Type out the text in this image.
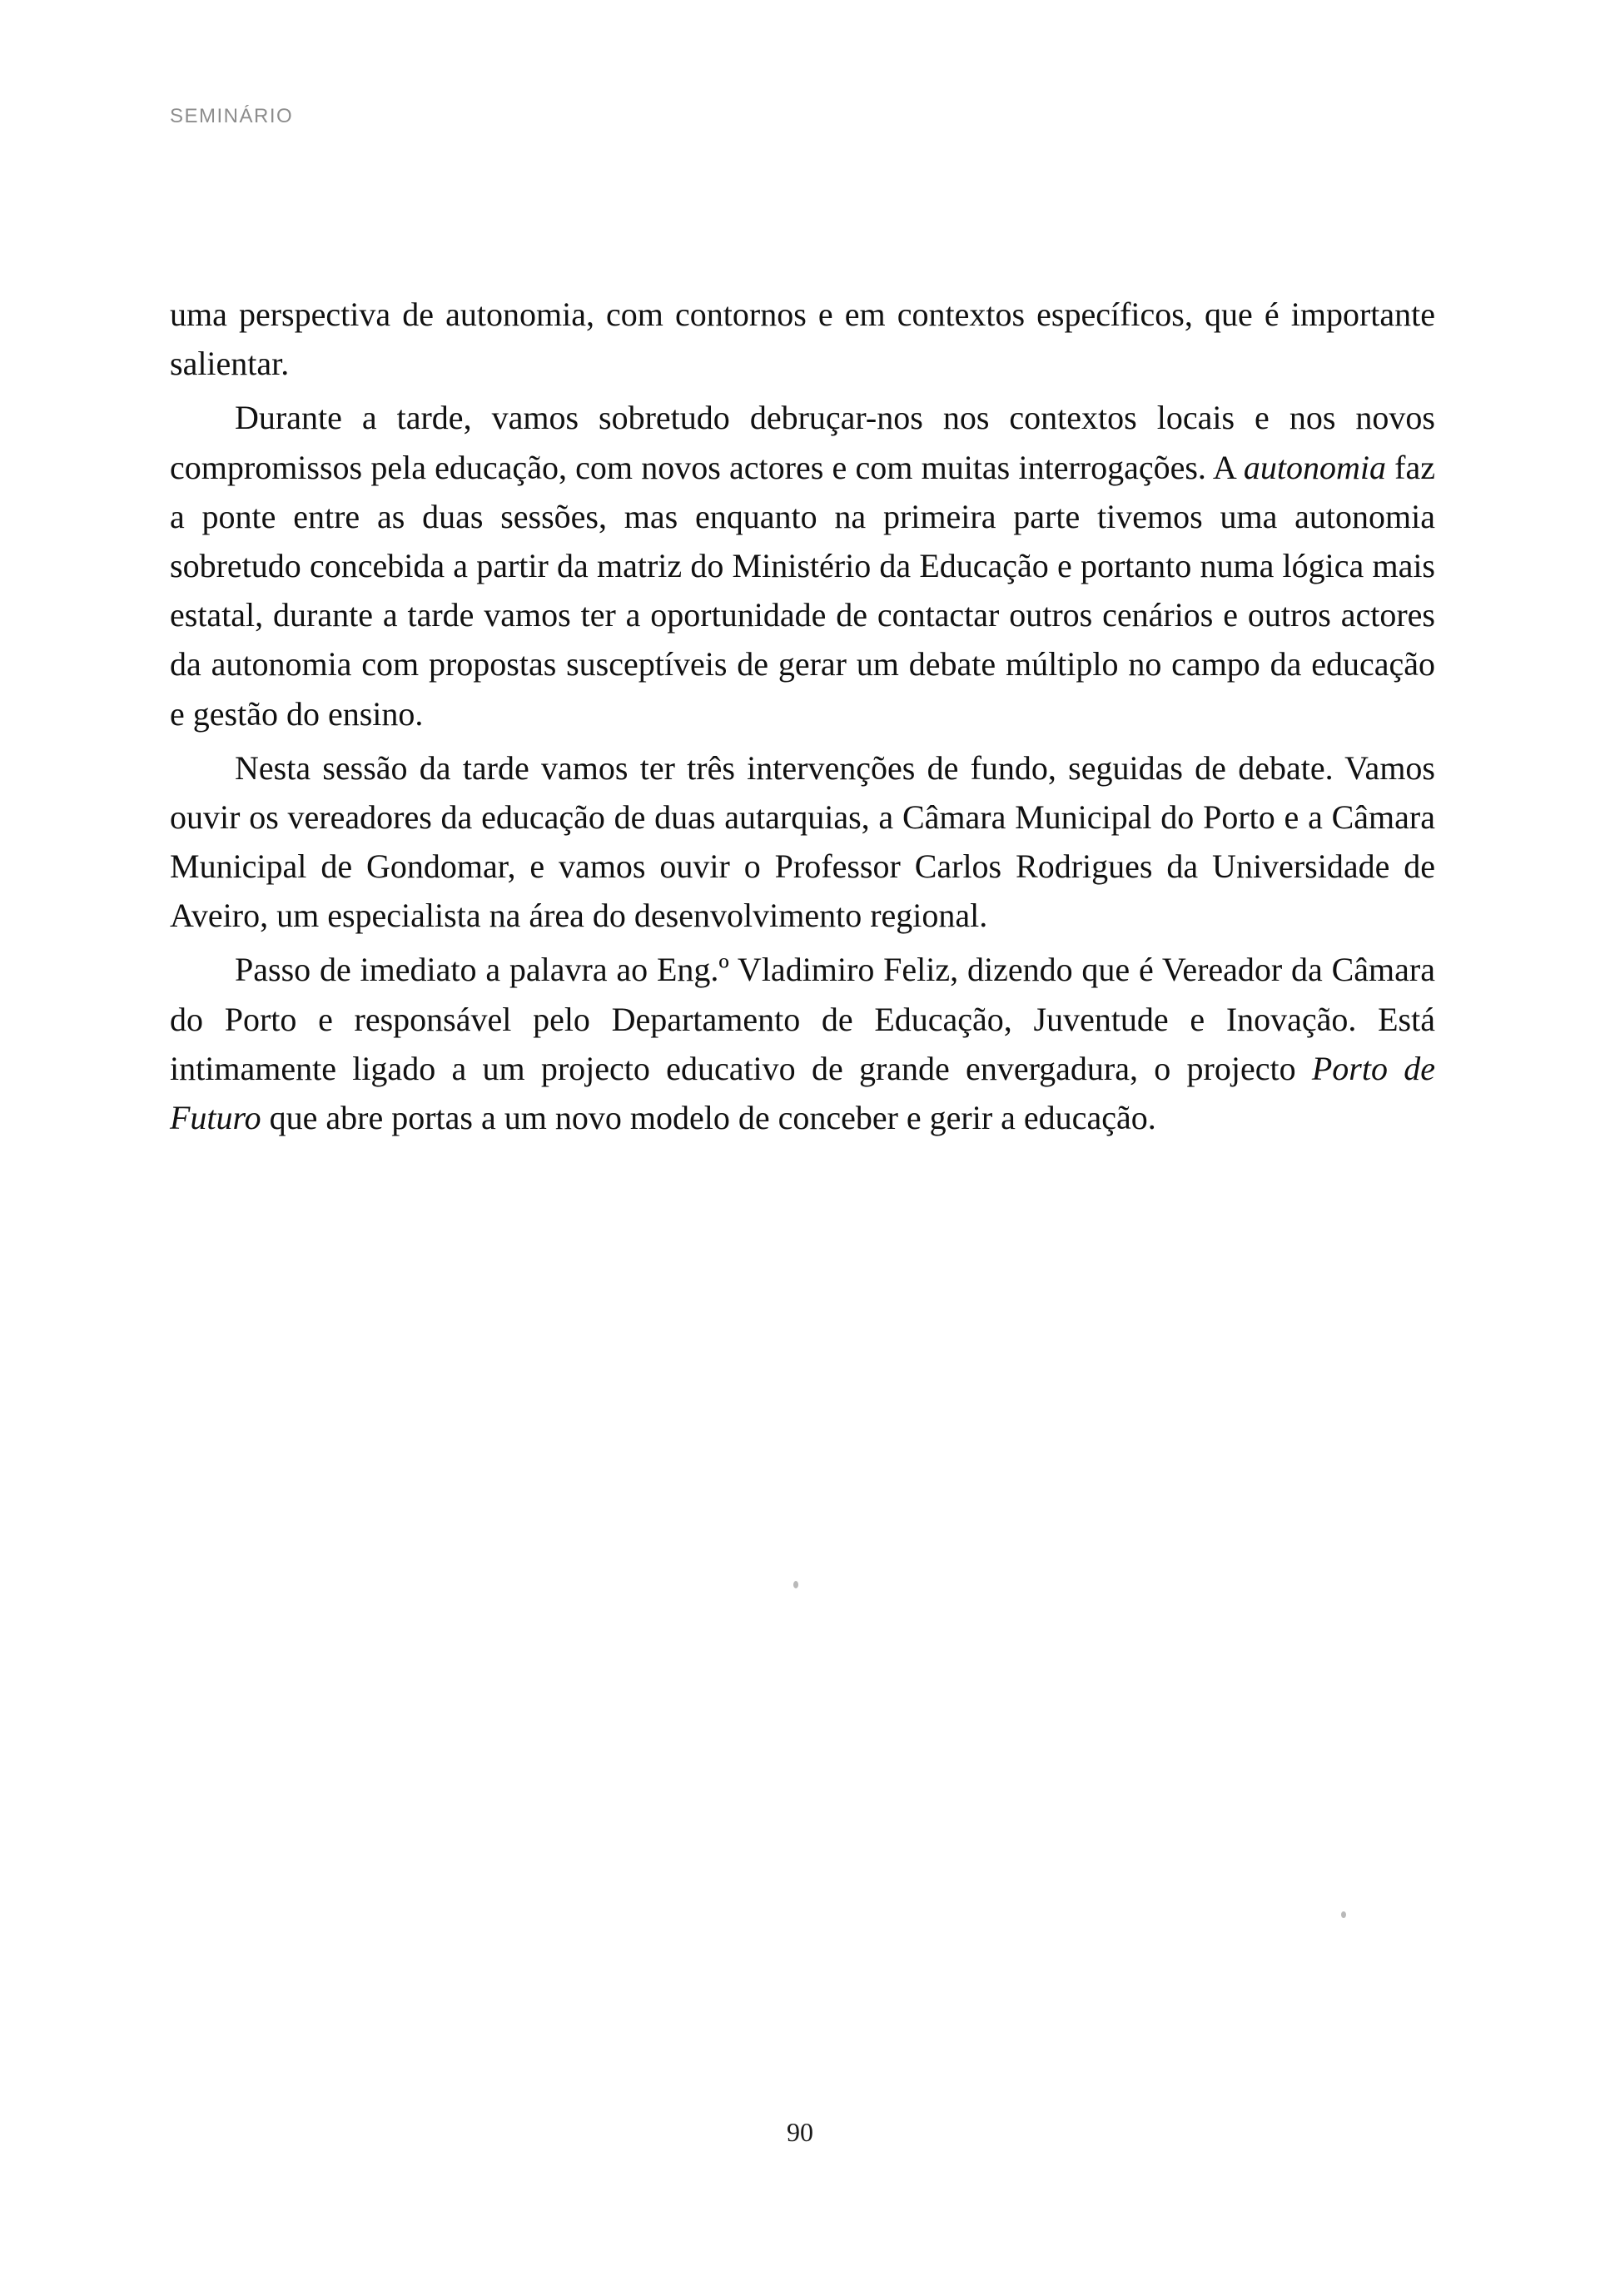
SEMINÁRIO

uma perspectiva de autonomia, com contornos e em contextos específicos, que é importante salientar.

Durante a tarde, vamos sobretudo debruçar-nos nos contextos locais e nos novos compromissos pela educação, com novos actores e com muitas interrogações. A autonomia faz a ponte entre as duas sessões, mas enquanto na primeira parte tivemos uma autonomia sobretudo concebida a partir da matriz do Ministério da Educação e portanto numa lógica mais estatal, durante a tarde vamos ter a oportunidade de contactar outros cenários e outros actores da autonomia com propostas susceptíveis de gerar um debate múltiplo no campo da educação e gestão do ensino.

Nesta sessão da tarde vamos ter três intervenções de fundo, seguidas de debate. Vamos ouvir os vereadores da educação de duas autarquias, a Câmara Municipal do Porto e a Câmara Municipal de Gondomar, e vamos ouvir o Professor Carlos Rodrigues da Universidade de Aveiro, um especialista na área do desenvolvimento regional.

Passo de imediato a palavra ao Eng.º Vladimiro Feliz, dizendo que é Vereador da Câmara do Porto e responsável pelo Departamento de Educação, Juventude e Inovação. Está intimamente ligado a um projecto educativo de grande envergadura, o projecto Porto de Futuro que abre portas a um novo modelo de conceber e gerir a educação.

90
